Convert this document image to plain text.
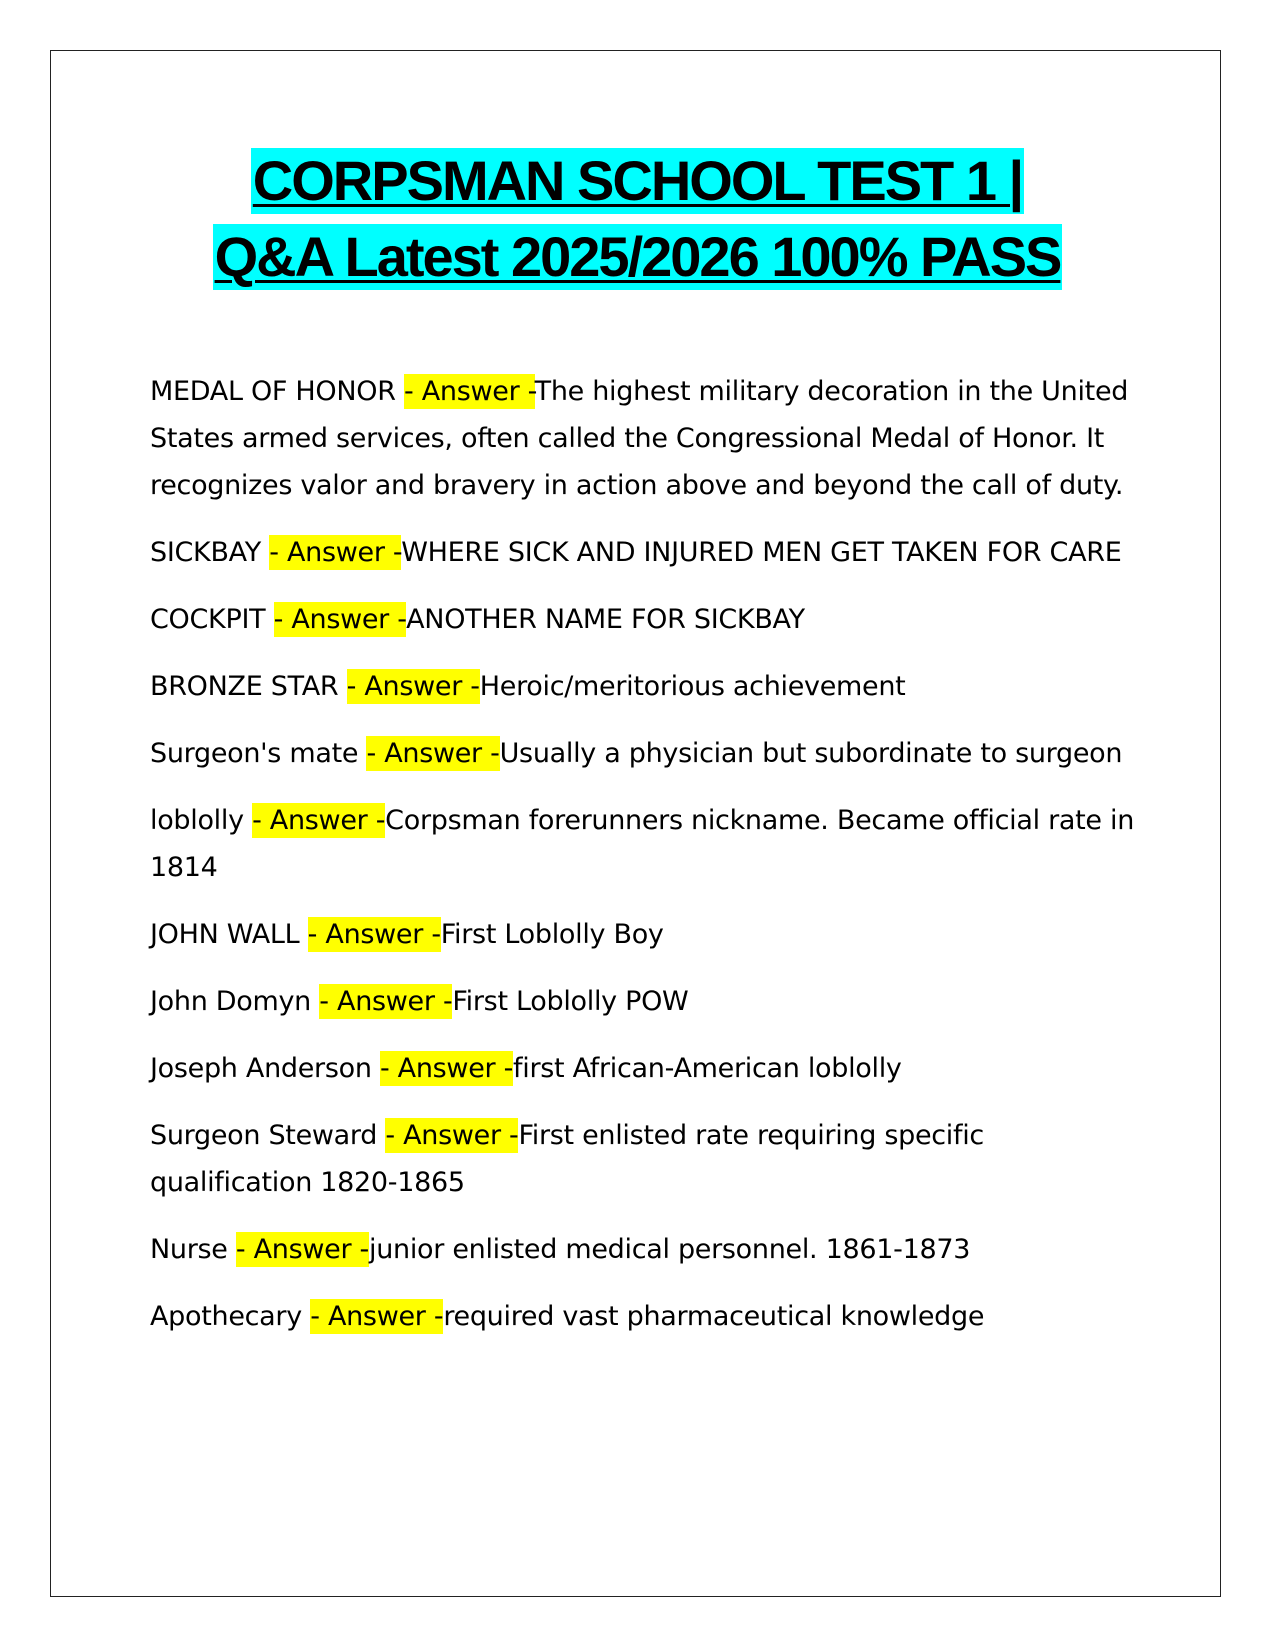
CORPSMAN SCHOOL TEST 1 |
Q&A Latest 2025/2026 100% PASS
MEDAL OF HONOR - Answer -The highest military decoration in the United States armed services, often called the Congressional Medal of Honor. It recognizes valor and bravery in action above and beyond the call of duty.
SICKBAY - Answer -WHERE SICK AND INJURED MEN GET TAKEN FOR CARE
COCKPIT - Answer -ANOTHER NAME FOR SICKBAY
BRONZE STAR - Answer -Heroic/meritorious achievement
Surgeon's mate - Answer -Usually a physician but subordinate to surgeon
loblolly - Answer -Corpsman forerunners nickname. Became official rate in 1814
JOHN WALL - Answer -First Loblolly Boy
John Domyn - Answer -First Loblolly POW
Joseph Anderson - Answer -first African-American loblolly
Surgeon Steward - Answer -First enlisted rate requiring specific qualification 1820-1865
Nurse - Answer -junior enlisted medical personnel. 1861-1873
Apothecary - Answer -required vast pharmaceutical knowledge
